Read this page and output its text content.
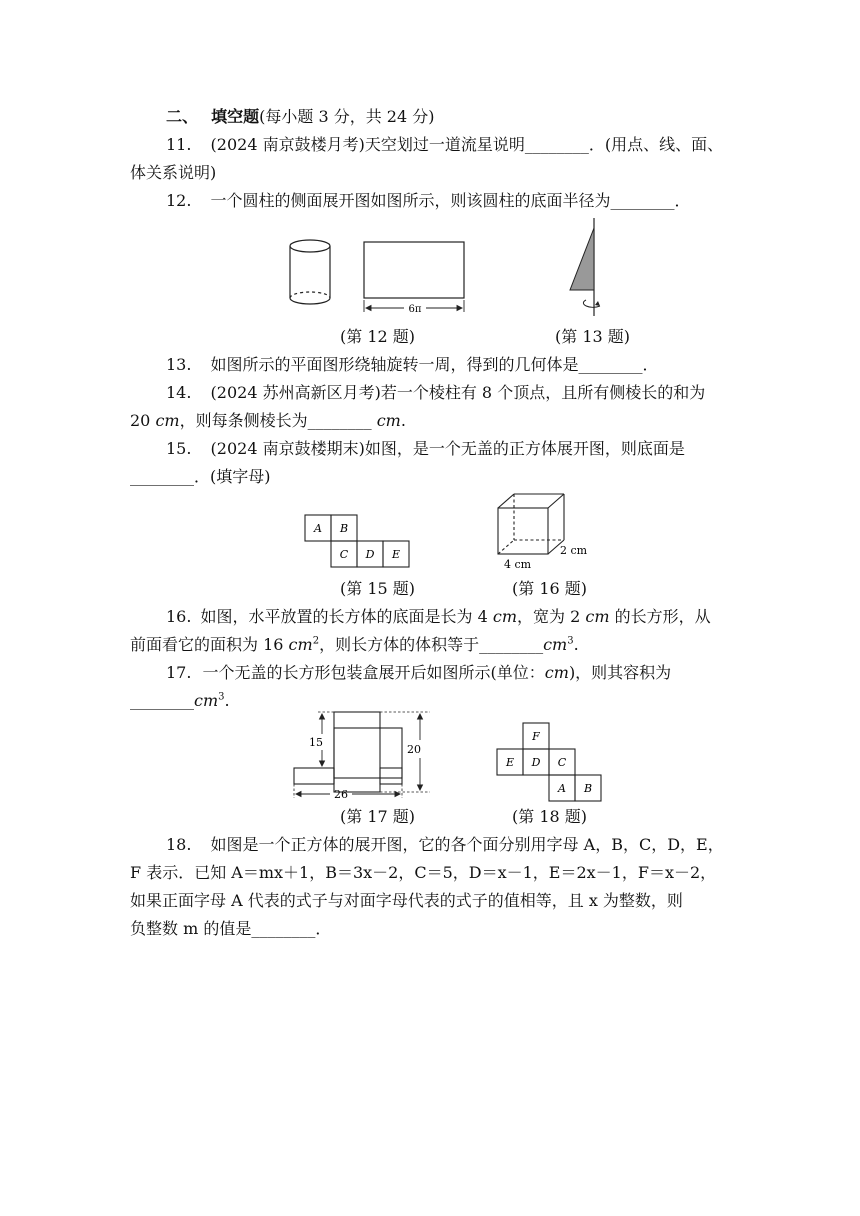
二、 填空题(每小题 3 分，共 24 分)
11. (2024 南京鼓楼月考)天空划过一道流星说明________．(用点、线、面、
体关系说明)
12. 一个圆柱的侧面展开图如图所示，则该圆柱的底面半径为________．
6π
(第 12 题)	(第 13 题)
13. 如图所示的平面图形绕轴旋转一周，得到的几何体是________．
14. (2024 苏州高新区月考)若一个棱柱有 8 个顶点，且所有侧棱长的和为
20 cm，则每条侧棱长为________ cm.
15. (2024 南京鼓楼期末)如图，是一个无盖的正方体展开图，则底面是
________．(填字母)
A B
C D E	2 cm
4 cm
(第 15 题)	(第 16 题)
16. 如图，水平放置的长方体的底面是长为 4 cm，宽为 2 cm 的长方形，从
前面看它的面积为 16 $cm^2$，则长方体的体积等于$\_\_\_\_\_\_\_\_cm^3$.
17. 一个无盖的长方形包装盒展开后如图所示(单位：cm)，则其容积为
$\_\_\_\_\_\_\_\_cm^3$.
15
20
26
F
E D C
A B
(第 17 题)	(第 18 题)
18. 如图是一个正方体的展开图，它的各个面分别用字母 A，B，C，D，E，
F 表示．已知 A＝mx＋1，B＝3x－2，C＝5，D＝x－1，E＝2x－1，F＝x－2，
如果正面字母 A 代表的式子与对面字母代表的式子的值相等，且 x 为整数，则
负整数 m 的值是________．
